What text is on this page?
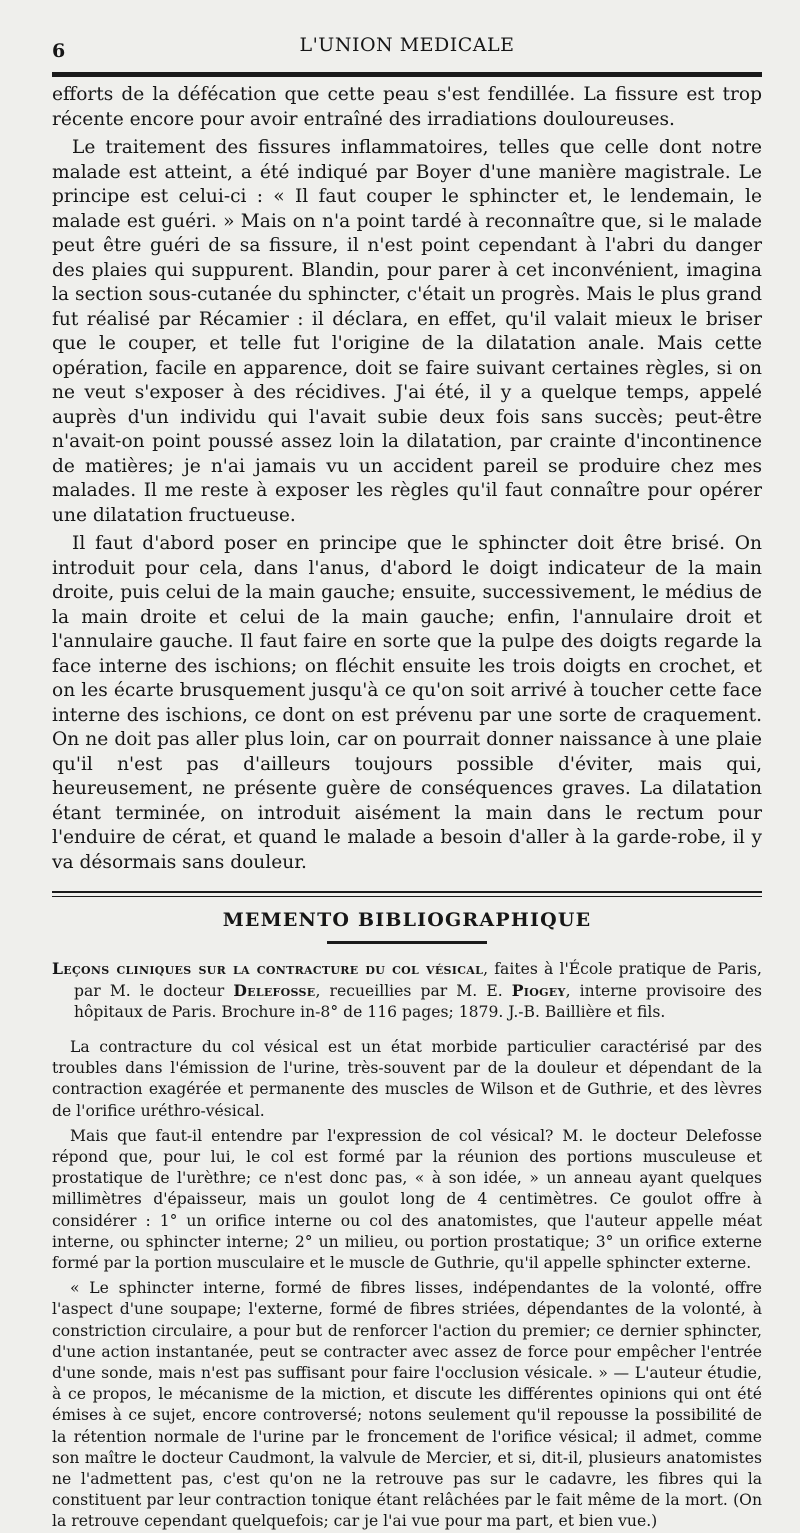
6	L'UNION MEDICALE

efforts de la défécation que cette peau s'est fendillée. La fissure est trop récente encore pour avoir entraîné des irradiations douloureuses.

Le traitement des fissures inflammatoires, telles que celle dont notre malade est atteint, a été indiqué par Boyer d'une manière magistrale. Le principe est celui-ci : « Il faut couper le sphincter et, le lendemain, le malade est guéri. » Mais on n'a point tardé à reconnaître que, si le malade peut être guéri de sa fissure, il n'est point cependant à l'abri du danger des plaies qui suppurent. Blandin, pour parer à cet inconvénient, imagina la section sous-cutanée du sphincter, c'était un progrès. Mais le plus grand fut réalisé par Récamier : il déclara, en effet, qu'il valait mieux le briser que le couper, et telle fut l'origine de la dilatation anale. Mais cette opération, facile en apparence, doit se faire suivant certaines règles, si on ne veut s'exposer à des récidives. J'ai été, il y a quelque temps, appelé auprès d'un individu qui l'avait subie deux fois sans succès; peut-être n'avait-on point poussé assez loin la dilatation, par crainte d'incontinence de matières; je n'ai jamais vu un accident pareil se produire chez mes malades. Il me reste à exposer les règles qu'il faut connaître pour opérer une dilatation fructueuse.

Il faut d'abord poser en principe que le sphincter doit être brisé. On introduit pour cela, dans l'anus, d'abord le doigt indicateur de la main droite, puis celui de la main gauche; ensuite, successivement, le médius de la main droite et celui de la main gauche; enfin, l'annulaire droit et l'annulaire gauche. Il faut faire en sorte que la pulpe des doigts regarde la face interne des ischions; on fléchit ensuite les trois doigts en crochet, et on les écarte brusquement jusqu'à ce qu'on soit arrivé à toucher cette face interne des ischions, ce dont on est prévenu par une sorte de craquement. On ne doit pas aller plus loin, car on pourrait donner naissance à une plaie qu'il n'est pas d'ailleurs toujours possible d'éviter, mais qui, heureusement, ne présente guère de conséquences graves. La dilatation étant terminée, on introduit aisément la main dans le rectum pour l'enduire de cérat, et quand le malade a besoin d'aller à la garde-robe, il y va désormais sans douleur.

MEMENTO BIBLIOGRAPHIQUE
Leçons cliniques sur la contracture du col vésical, faites à l'École pratique de Paris, par M. le docteur Delefosse, recueillies par M. E. Piogey, interne provisoire des hôpitaux de Paris. Brochure in-8° de 116 pages; 1879. J.-B. Baillière et fils.

La contracture du col vésical est un état morbide particulier caractérisé par des troubles dans l'émission de l'urine, très-souvent par de la douleur et dépendant de la contraction exagérée et permanente des muscles de Wilson et de Guthrie, et des lèvres de l'orifice uréthro-vésical.

Mais que faut-il entendre par l'expression de col vésical? M. le docteur Delefosse répond que, pour lui, le col est formé par la réunion des portions musculeuse et prostatique de l'urèthre; ce n'est donc pas, « à son idée, » un anneau ayant quelques millimètres d'épaisseur, mais un goulot long de 4 centimètres. Ce goulot offre à considérer : 1° un orifice interne ou col des anatomistes, que l'auteur appelle méat interne, ou sphincter interne; 2° un milieu, ou portion prostatique; 3° un orifice externe formé par la portion musculaire et le muscle de Guthrie, qu'il appelle sphincter externe.

« Le sphincter interne, formé de fibres lisses, indépendantes de la volonté, offre l'aspect d'une soupape; l'externe, formé de fibres striées, dépendantes de la volonté, à constriction circulaire, a pour but de renforcer l'action du premier; ce dernier sphincter, d'une action instantanée, peut se contracter avec assez de force pour empêcher l'entrée d'une sonde, mais n'est pas suffisant pour faire l'occlusion vésicale. » — L'auteur étudie, à ce propos, le mécanisme de la miction, et discute les différentes opinions qui ont été émises à ce sujet, encore controversé; notons seulement qu'il repousse la possibilité de la rétention normale de l'urine par le froncement de l'orifice vésical; il admet, comme son maître le docteur Caudmont, la valvule de Mercier, et si, dit-il, plusieurs anatomistes ne l'admettent pas, c'est qu'on ne la retrouve pas sur le cadavre, les fibres qui la constituent par leur contraction tonique étant relâchées par le fait même de la mort. (On la retrouve cependant quelquefois; car je l'ai vue pour ma part, et bien vue.)
